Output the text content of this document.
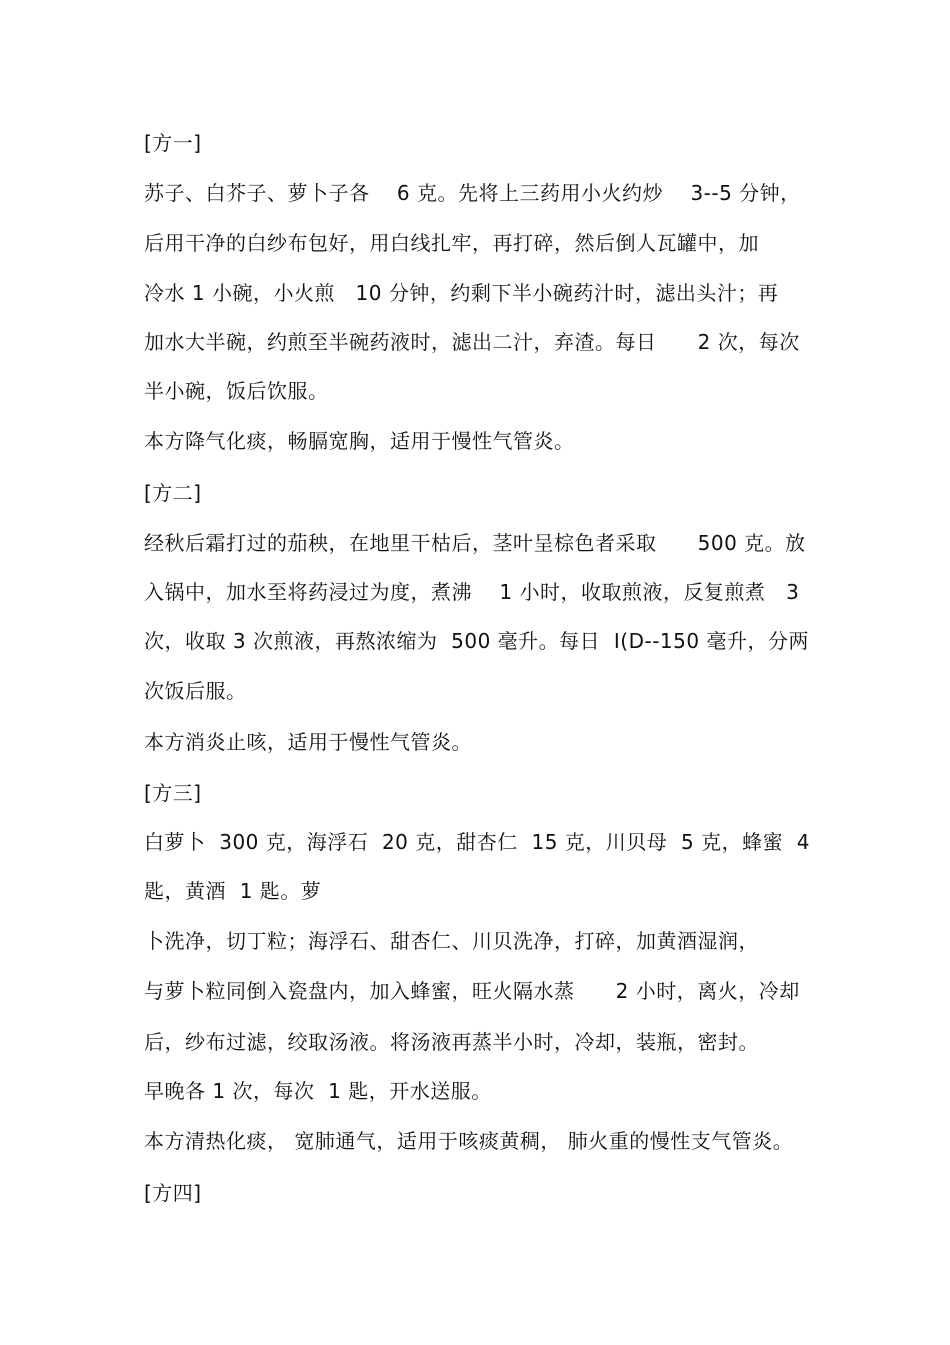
[方一]
苏子、白芥子、萝卜子各    6 克。先将上三药用小火约炒    3--5 分钟，
后用干净的白纱布包好，用白线扎牢，再打碎，然后倒人瓦罐中，加
冷水 1 小碗，小火煎   10 分钟，约剩下半小碗药汁时，滤出头汁；再
加水大半碗，约煎至半碗药液时，滤出二汁，弃渣。每日      2 次，每次
半小碗，饭后饮服。
本方降气化痰，畅膈宽胸，适用于慢性气管炎。
[方二]
经秋后霜打过的茄秧，在地里干枯后，茎叶呈棕色者采取      500 克。放
入锅中，加水至将药浸过为度，煮沸    1 小时，收取煎液，反复煎煮   3
次，收取 3 次煎液，再熬浓缩为  500 毫升。每日  I(D--150 毫升，分两
次饭后服。
本方消炎止咳，适用于慢性气管炎。
[方三]
白萝卜  300 克，海浮石  20 克，甜杏仁  15 克，川贝母  5 克，蜂蜜  4
匙，黄酒  1 匙。萝
卜洗净，切丁粒；海浮石、甜杏仁、川贝洗净，打碎，加黄酒湿润，
与萝卜粒同倒入瓷盘内，加入蜂蜜，旺火隔水蒸      2 小时，离火，冷却
后，纱布过滤，绞取汤液。将汤液再蒸半小时，冷却，装瓶，密封。
早晚各 1 次，每次  1 匙，开水送服。
本方清热化痰， 宽肺通气，适用于咳痰黄稠， 肺火重的慢性支气管炎。
[方四]
